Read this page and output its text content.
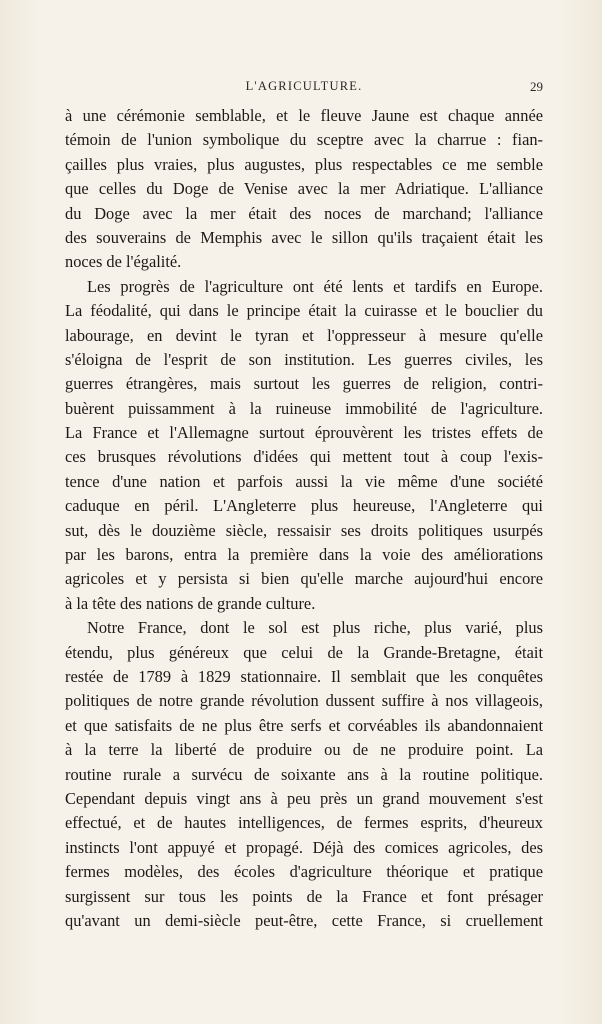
L'AGRICULTURE.	29
à une cérémonie semblable, et le fleuve Jaune est chaque année
témoin de l'union symbolique du sceptre avec la charrue : fian-
çailles plus vraies, plus augustes, plus respectables ce me semble
que celles du Doge de Venise avec la mer Adriatique. L'alliance
du Doge avec la mer était des noces de marchand; l'alliance
des souverains de Memphis avec le sillon qu'ils traçaient était les
noces de l'égalité.
Les progrès de l'agriculture ont été lents et tardifs en Europe.
La féodalité, qui dans le principe était la cuirasse et le bouclier du
labourage, en devint le tyran et l'oppresseur à mesure qu'elle
s'éloigna de l'esprit de son institution. Les guerres civiles, les
guerres étrangères, mais surtout les guerres de religion, contri-
buèrent puissamment à la ruineuse immobilité de l'agriculture.
La France et l'Allemagne surtout éprouvèrent les tristes effets de
ces brusques révolutions d'idées qui mettent tout à coup l'exis-
tence d'une nation et parfois aussi la vie même d'une société
caduque en péril. L'Angleterre plus heureuse, l'Angleterre qui
sut, dès le douzième siècle, ressaisir ses droits politiques usurpés
par les barons, entra la première dans la voie des améliorations
agricoles et y persista si bien qu'elle marche aujourd'hui encore
à la tête des nations de grande culture.
Notre France, dont le sol est plus riche, plus varié, plus
étendu, plus généreux que celui de la Grande-Bretagne, était
restée de 1789 à 1829 stationnaire. Il semblait que les conquêtes
politiques de notre grande révolution dussent suffire à nos villageois,
et que satisfaits de ne plus être serfs et corvéables ils abandonnaient
à la terre la liberté de produire ou de ne produire point. La
routine rurale a survécu de soixante ans à la routine politique.
Cependant depuis vingt ans à peu près un grand mouvement s'est
effectué, et de hautes intelligences, de fermes esprits, d'heureux
instincts l'ont appuyé et propagé. Déjà des comices agricoles, des
fermes modèles, des écoles d'agriculture théorique et pratique
surgissent sur tous les points de la France et font présager
qu'avant un demi-siècle peut-être, cette France, si cruellement
